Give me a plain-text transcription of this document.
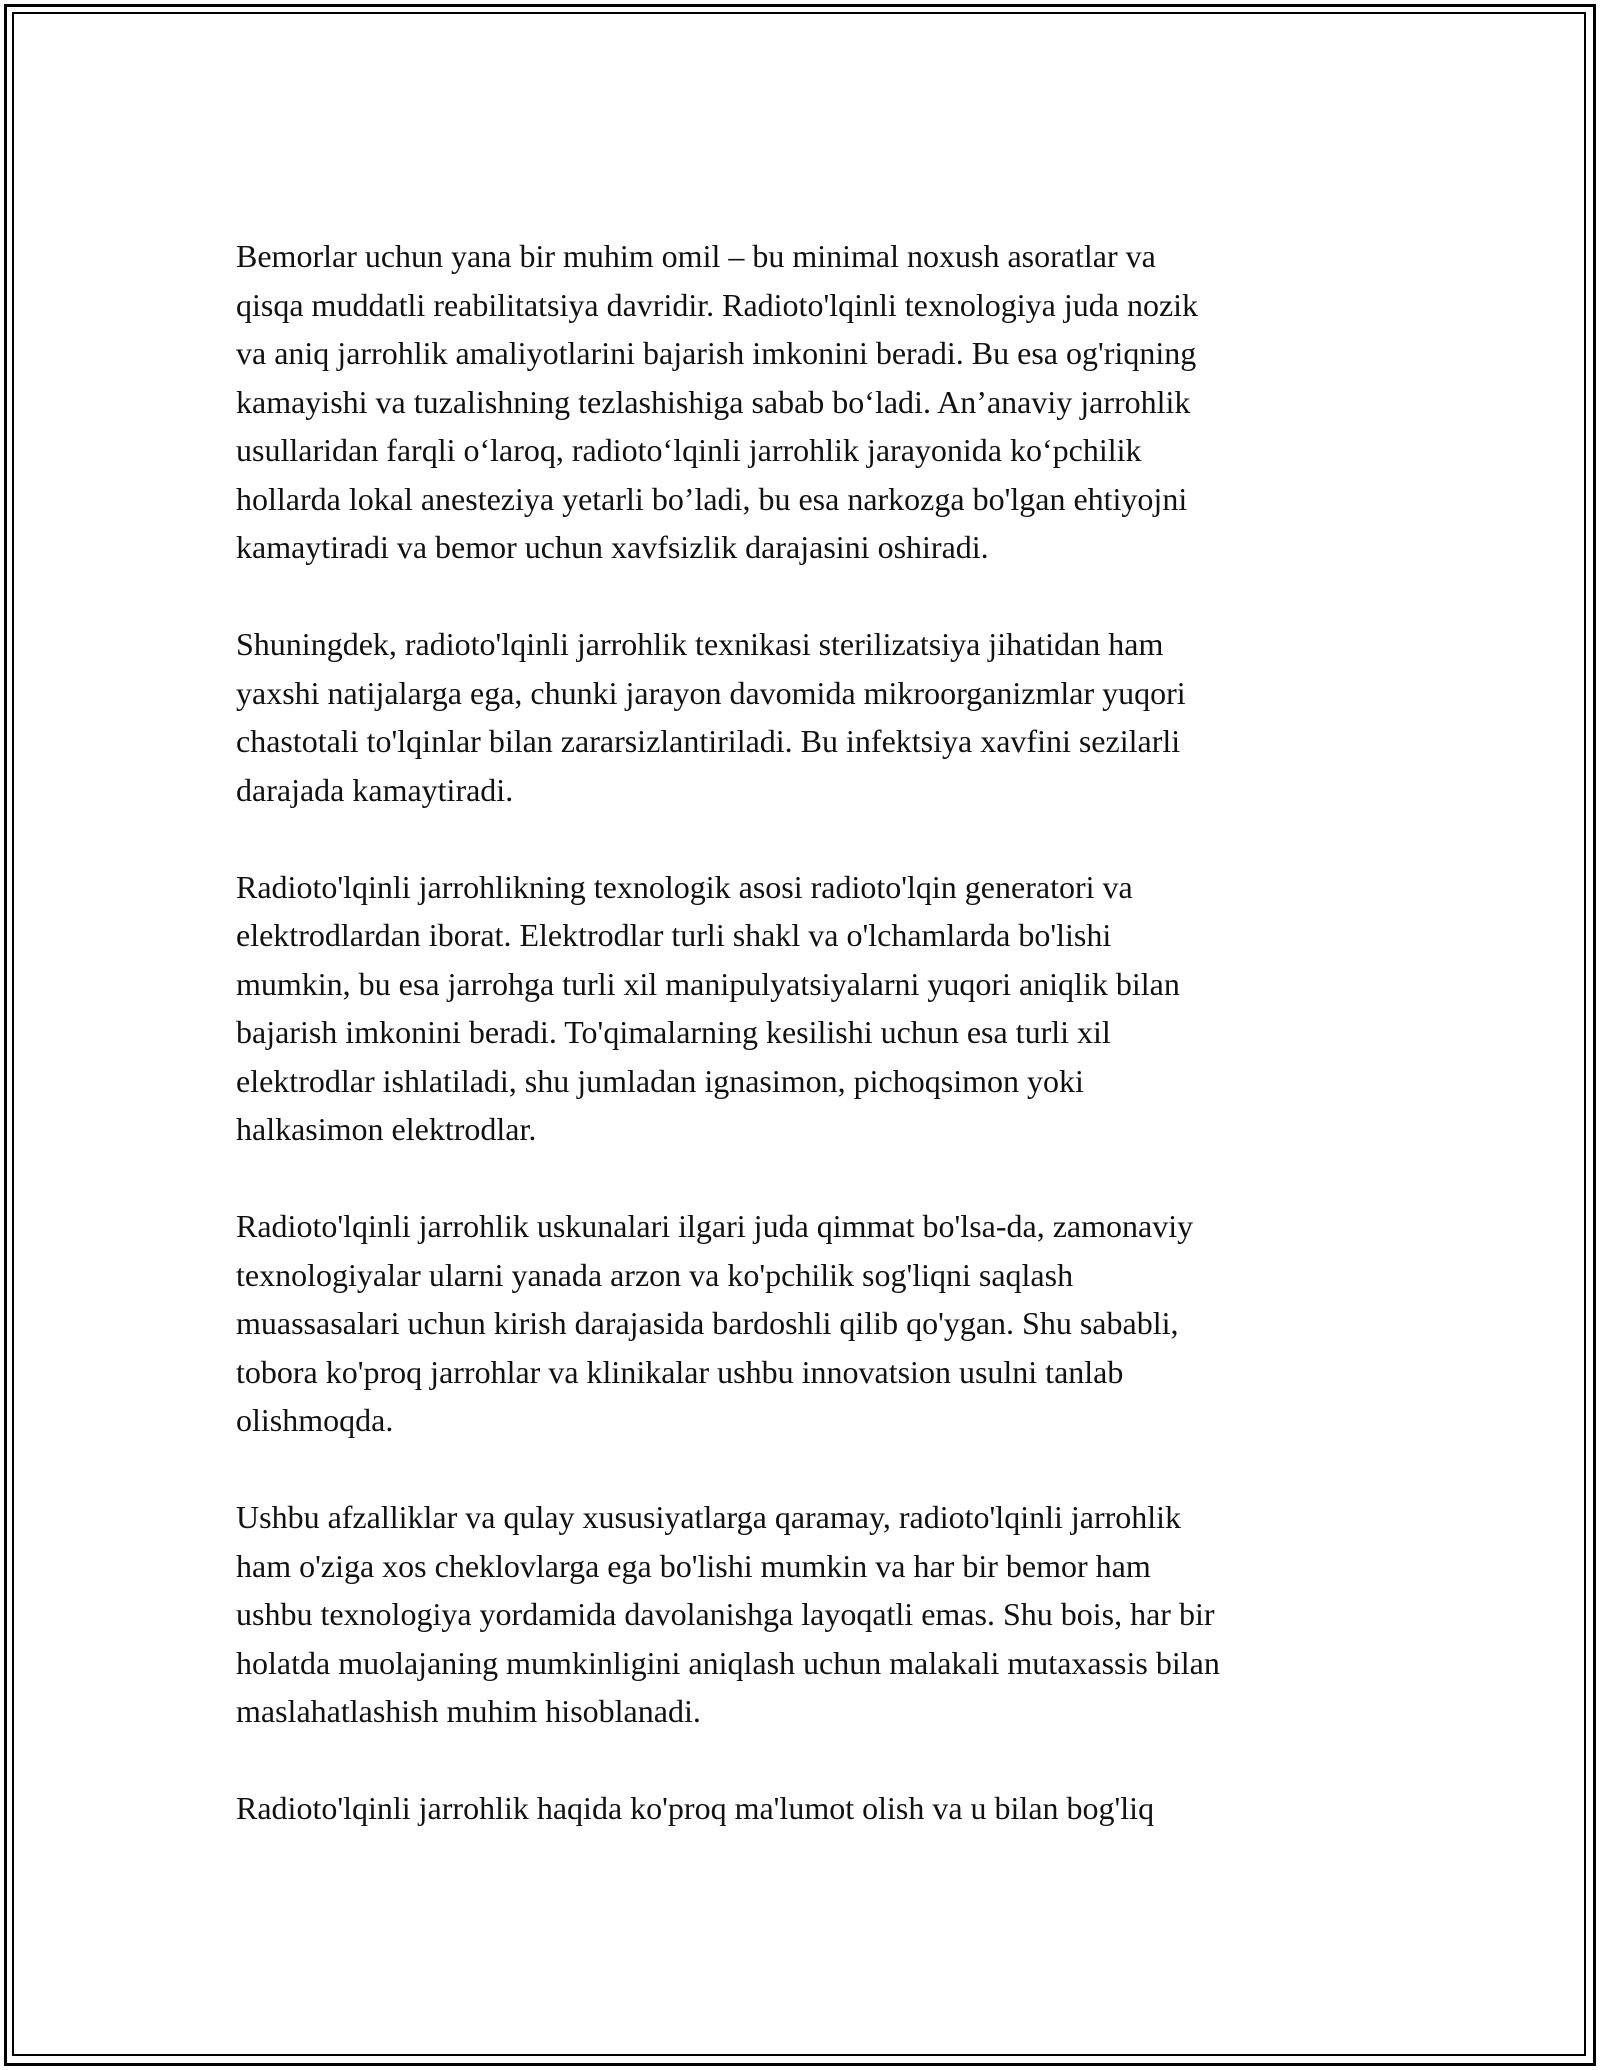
Bemorlar uchun yana bir muhim omil – bu minimal noxush asoratlar va
qisqa muddatli reabilitatsiya davridir. Radioto'lqinli texnologiya juda nozik
va aniq jarrohlik amaliyotlarini bajarish imkonini beradi. Bu esa og'riqning
kamayishi va tuzalishning tezlashishiga sabab boʻladi. An’anaviy jarrohlik
usullaridan farqli oʻlaroq, radiotoʻlqinli jarrohlik jarayonida koʻpchilik
hollarda lokal anesteziya yetarli bo’ladi, bu esa narkozga bo'lgan ehtiyojni
kamaytiradi va bemor uchun xavfsizlik darajasini oshiradi.

Shuningdek, radioto'lqinli jarrohlik texnikasi sterilizatsiya jihatidan ham
yaxshi natijalarga ega, chunki jarayon davomida mikroorganizmlar yuqori
chastotali to'lqinlar bilan zararsizlantiriladi. Bu infektsiya xavfini sezilarli
darajada kamaytiradi.

Radioto'lqinli jarrohlikning texnologik asosi radioto'lqin generatori va
elektrodlardan iborat. Elektrodlar turli shakl va o'lchamlarda bo'lishi
mumkin, bu esa jarrohga turli xil manipulyatsiyalarni yuqori aniqlik bilan
bajarish imkonini beradi. To'qimalarning kesilishi uchun esa turli xil
elektrodlar ishlatiladi, shu jumladan ignasimon, pichoqsimon yoki
halkasimon elektrodlar.

Radioto'lqinli jarrohlik uskunalari ilgari juda qimmat bo'lsa-da, zamonaviy
texnologiyalar ularni yanada arzon va ko'pchilik sog'liqni saqlash
muassasalari uchun kirish darajasida bardoshli qilib qo'ygan. Shu sababli,
tobora ko'proq jarrohlar va klinikalar ushbu innovatsion usulni tanlab
olishmoqda.

Ushbu afzalliklar va qulay xususiyatlarga qaramay, radioto'lqinli jarrohlik
ham o'ziga xos cheklovlarga ega bo'lishi mumkin va har bir bemor ham
ushbu texnologiya yordamida davolanishga layoqatli emas. Shu bois, har bir
holatda muolajaning mumkinligini aniqlash uchun malakali mutaxassis bilan
maslahatlashish muhim hisoblanadi.

Radioto'lqinli jarrohlik haqida ko'proq ma'lumot olish va u bilan bog'liq
